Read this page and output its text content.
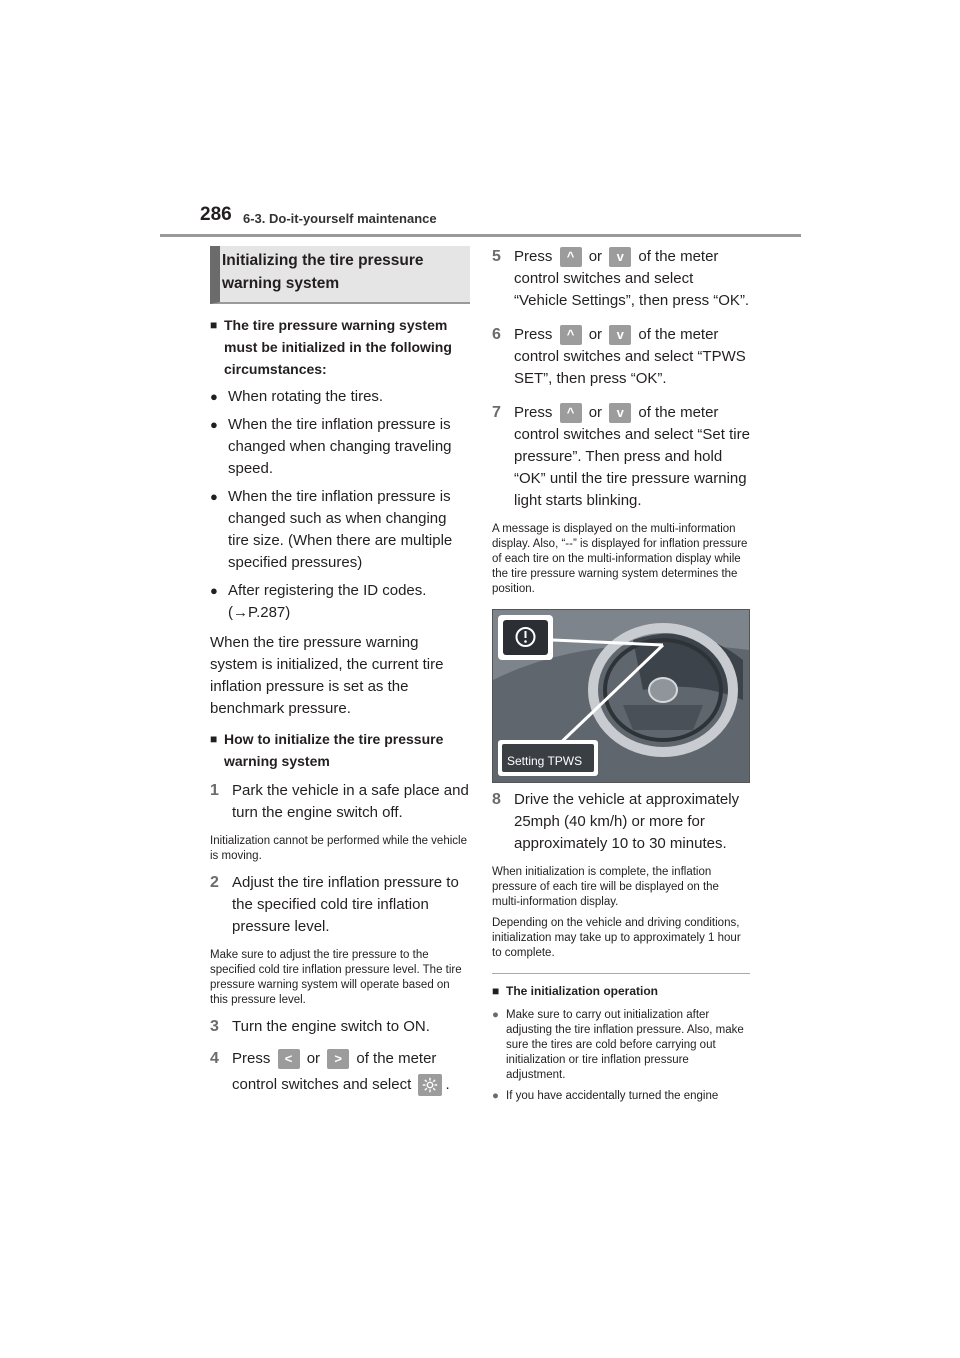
286 6-3. Do-it-yourself maintenance
Initializing the tire pressure warning system
■ The tire pressure warning system must be initialized in the following circumstances:
● When rotating the tires.
● When the tire inflation pressure is changed when changing traveling speed.
● When the tire inflation pressure is changed such as when changing tire size. (When there are multiple specified pressures)
● After registering the ID codes. (→P.287)
When the tire pressure warning system is initialized, the current tire inflation pressure is set as the benchmark pressure.
■ How to initialize the tire pressure warning system
1 Park the vehicle in a safe place and turn the engine switch off.
Initialization cannot be performed while the vehicle is moving.
2 Adjust the tire inflation pressure to the specified cold tire inflation pressure level.
Make sure to adjust the tire pressure to the specified cold tire inflation pressure level. The tire pressure warning system will operate based on this pressure level.
3 Turn the engine switch to ON.
4 Press < or > of the meter control switches and select .
5 Press ^ or v of the meter control switches and select “Vehicle Settings”, then press “OK”.
6 Press ^ or v of the meter control switches and select “TPWS SET”, then press “OK”.
7 Press ^ or v of the meter control switches and select “Set tire pressure”. Then press and hold “OK” until the tire pressure warning light starts blinking.
A message is displayed on the multi-information display. Also, “--” is displayed for inflation pressure of each tire on the multi-information display while the tire pressure warning system determines the position.
Setting TPWS
8 Drive the vehicle at approximately 25mph (40 km/h) or more for approximately 10 to 30 minutes.
When initialization is complete, the inflation pressure of each tire will be displayed on the multi-information display.
Depending on the vehicle and driving conditions, initialization may take up to approximately 1 hour to complete.
■ The initialization operation
● Make sure to carry out initialization after adjusting the tire inflation pressure. Also, make sure the tires are cold before carrying out initialization or tire inflation pressure adjustment.
● If you have accidentally turned the engine
